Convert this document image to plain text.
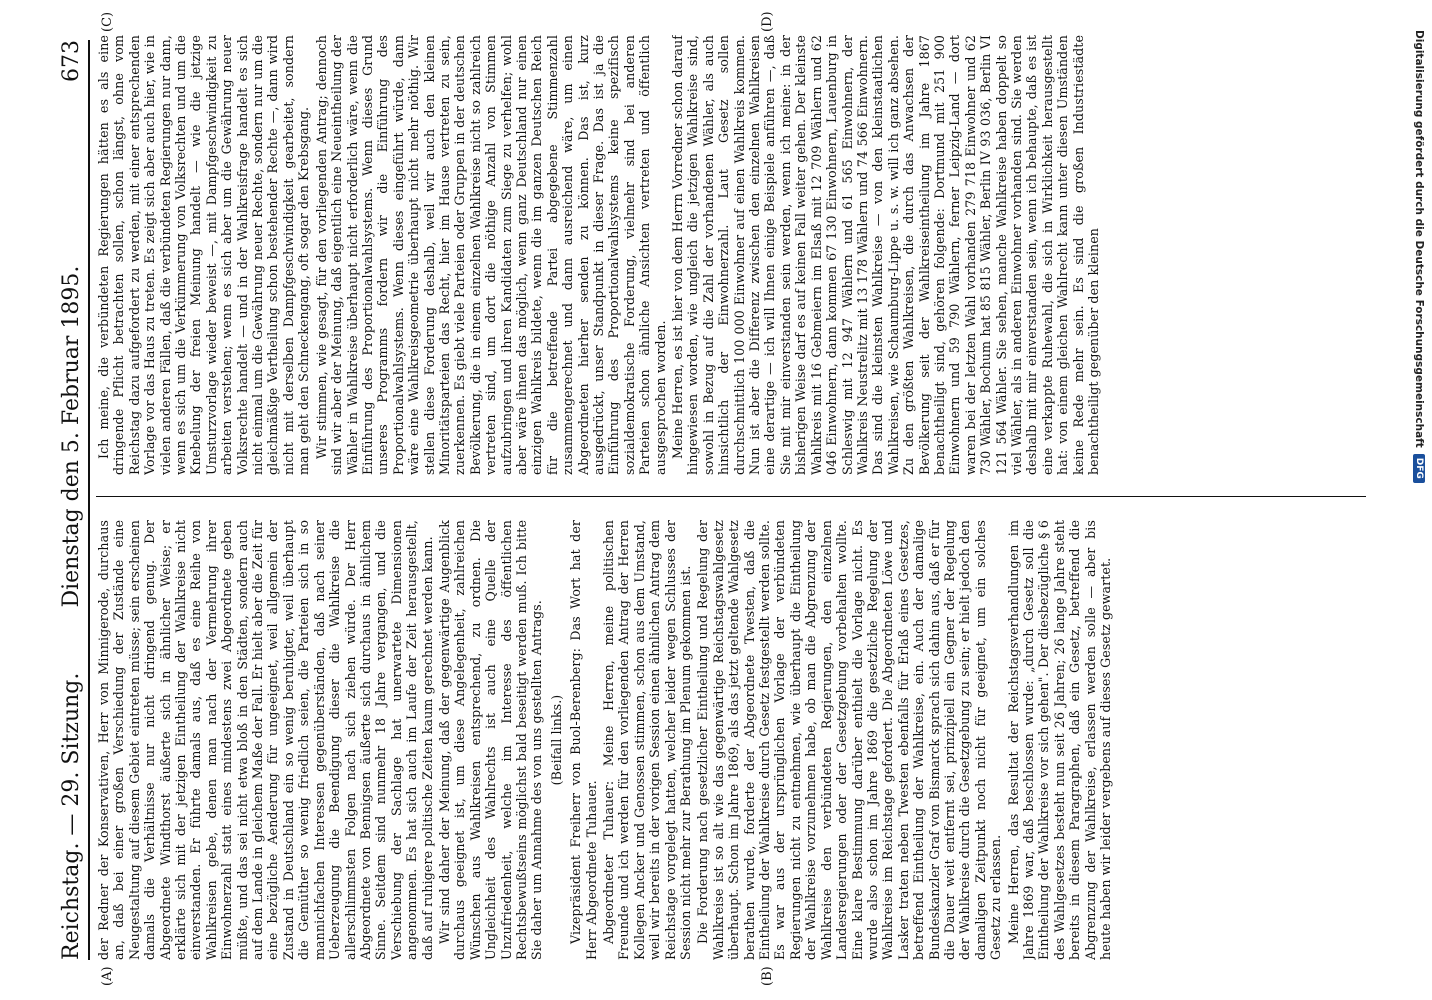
Reichstag. — 29. Sitzung.
Dienstag den 5. Februar 1895.
673
(A)	(B)
(C)	(D)

der Redner der Konservativen, Herr von Minnigerode, durchaus an, daß bei einer großen Verschiedung der Zustände eine Neugestaltung auf diesem Gebiet eintreten müsse; sein erscheinen damals die Verhältnisse nur nicht dringend genug. Der Abgeordnete Windthorst äußerte sich in ähnlicher Weise; er erklärte sich mit der jetzigen Eintheilung der Wahlkreise nicht einverstanden. Er führte damals aus, daß es eine Reihe von Wahlkreisen gebe, denen man nach der Vermehrung ihrer Einwohnerzahl statt eines mindestens zwei Abgeordnete geben müßte, und das sei nicht etwa bloß in den Städten, sondern auch auf dem Lande in gleichem Maße der Fall. Er hielt aber die Zeit für eine bezügliche Aenderung für ungeeignet, weil allgemein der Zustand in Deutschland ein so wenig beruhigter, weil überhaupt die Gemüther so wenig friedlich seien, die Parteien sich in so mannichfachen Interessen gegenüberständen, daß nach seiner Ueberzeugung die Beendigung dieser die Wahlkreise die allerschlimmsten Folgen nach sich ziehen würde. Der Herr Abgeordnete von Bennigsen äußerte sich durchaus in ähnlichem Sinne. Seitdem sind nunmehr 18 Jahre vergangen, und die Verschiebung der Sachlage hat unerwartete Dimensionen angenommen. Es hat sich auch im Laufe der Zeit herausgestellt, daß auf ruhigere politische Zeiten kaum gerechnet werden kann. Wir sind daher der Meinung, daß der gegenwärtige Augenblick durchaus geeignet ist, um diese Angelegenheit, zahlreichen Wünschen aus Wahlkreisen entsprechend, zu ordnen. Die Ungleichheit des Wahlrechts ist auch eine Quelle der Unzufriedenheit, welche im Interesse des öffentlichen Rechtsbewußtseins möglichst bald beseitigt werden muß. Ich bitte Sie daher um Annahme des von uns gestellten Antrags. (Beifall links.) Vizepräsident Freiherr von Buol-Berenberg: Das Wort hat der Herr Abgeordnete Tuhauer. Abgeordneter Tuhauer: Meine Herren, meine politischen Freunde und ich werden für den vorliegenden Antrag der Herren Kollegen Ancker und Genossen stimmen, schon aus dem Umstand, weil wir bereits in der vorigen Session einen ähnlichen Antrag dem Reichstage vorgelegt hatten, welcher leider wegen Schlusses der Session nicht mehr zur Berathung im Plenum gekommen ist. Die Forderung nach gesetzlicher Eintheilung und Regelung der Wahlkreise ist so alt wie das gegenwärtige Reichstagswahlgesetz überhaupt. Schon im Jahre 1869, als das jetzt geltende Wahlgesetz berathen wurde, forderte der Abgeordnete Twesten, daß die Eintheilung der Wahlkreise durch Gesetz festgestellt werden sollte. Es war aus der ursprünglichen Vorlage der verbündeten Regierungen nicht zu entnehmen, wie überhaupt die Eintheilung der Wahlkreise vorzunehmen habe, ob man die Abgrenzung der Wahlkreise den verbündeten Regierungen, den einzelnen Landesregierungen oder der Gesetzgebung vorbehalten wollte. Eine klare Bestimmung darüber enthielt die Vorlage nicht. Es wurde also schon im Jahre 1869 die gesetzliche Regelung der Wahlkreise im Reichstage gefordert. Die Abgeordneten Löwe und Lasker traten neben Twesten ebenfalls für Erlaß eines Gesetzes, betreffend Eintheilung der Wahlkreise, ein. Auch der damalige Bundeskanzler Graf von Bismarck sprach sich dahin aus, daß er für die Dauer weit entfernt sei, prinzipiell ein Gegner der Regelung der Wahlkreise durch die Gesetzgebung zu sein; er hielt jedoch den damaligen Zeitpunkt noch nicht für geeignet, um ein solches Gesetz zu erlassen. Meine Herren, das Resultat der Reichstagsverhandlungen im Jahre 1869 war, daß beschlossen wurde: „durch Gesetz soll die Eintheilung der Wahlkreise vor sich gehen". Der diesbezügliche § 6 des Wahlgesetzes besteht nun seit 26 Jahren; 26 lange Jahre steht bereits in diesem Paragraphen, daß ein Gesetz, betreffend die Abgrenzung der Wahlkreise, erlassen werden solle — aber bis heute haben wir leider vergebens auf dieses Gesetz gewartet.

Ich meine, die verbündeten Regierungen hätten es als eine dringende Pflicht betrachten sollen, schon längst, ohne vom Reichstag dazu aufgefordert zu werden, mit einer entsprechenden Vorlage vor das Haus zu treten. Es zeigt sich aber auch hier, wie in vielen anderen Fällen, daß die verbündeten Regierungen nur dann, wenn es sich um die Verkümmerung von Volksrechten und um die Knebelung der freien Meinung handelt — wie die jetzige Umsturzvorlage wieder beweist —, mit Dampfgeschwindigkeit zu arbeiten verstehen; wenn es sich aber um die Gewährung neuer Volksrechte handelt — und in der Wahlkreisfrage handelt es sich nicht einmal um die Gewährung neuer Rechte, sondern nur um die gleichmäßige Vertheilung schon bestehender Rechte —, dann wird nicht mit derselben Dampfgeschwindigkeit gearbeitet, sondern man geht den Schneckengang, oft sogar den Krebsgang. Wir stimmen, wie gesagt, für den vorliegenden Antrag; dennoch sind wir aber der Meinung, daß eigentlich eine Neueintheilung der Wähler in Wahlkreise überhaupt nicht erforderlich wäre, wenn die Einführung des Proportionalwahlsystems. Wenn dieses Grund unseres Programms fordern wir die Einführung des Proportionalwahlsystems. Wenn dieses eingeführt würde, dann wäre eine Wahlkreisgeometrie überhaupt nicht mehr nöthig. Wir stellen diese Forderung deshalb, weil wir auch den kleinen Minoritätsparteien das Recht, hier im Hause vertreten zu sein, zuerkennen. Es giebt viele Parteien oder Gruppen in der deutschen Bevölkerung, die in einem einzelnen Wahlkreise nicht so zahlreich vertreten sind, um dort die nöthige Anzahl von Stimmen aufzubringen und ihren Kandidaten zum Siege zu verhelfen; wohl aber wäre ihnen das möglich, wenn ganz Deutschland nur einen einzigen Wahlkreis bildete, wenn die im ganzen Deutschen Reich für die betreffende Partei abgegebene Stimmenzahl zusammengerechnet und dann ausreichend wäre, um einen Abgeordneten hierher senden zu können. Das ist, kurz ausgedrückt, unser Standpunkt in dieser Frage. Das ist ja die Einführung des Proportionalwahlsystems keine spezifisch sozialdemokratische Forderung, vielmehr sind bei anderen Parteien schon ähnliche Ansichten vertreten und öffentlich ausgesprochen worden. Meine Herren, es ist hier von dem Herrn Vorredner schon darauf hingewiesen worden, wie ungleich die jetzigen Wahlkreise sind, sowohl in Bezug auf die Zahl der vorhandenen Wähler, als auch hinsichtlich der Einwohnerzahl. Laut Gesetz sollen durchschnittlich 100 000 Einwohner auf einen Wahlkreis kommen. Nun ist aber die Differenz zwischen den einzelnen Wahlkreisen eine derartige — ich will Ihnen einige Beispiele anführen —, daß Sie mit mir einverstanden sein werden, wenn ich meine: in der bisherigen Weise darf es auf keinen Fall weiter gehen. Der kleinste Wahlkreis mit 16 Gebmeiern im Elsaß mit 12 709 Wählern und 62 046 Einwohnern, dann kommen 67 130 Einwohnern, Lauenburg in Schleswig mit 12 947 Wählern und 61 565 Einwohnern, der Wahlkreis Neustrelitz mit 13 178 Wählern und 74 566 Einwohnern. Das sind die kleinsten Wahlkreise — von den kleinstaatlichen Wahlkreisen, wie Schaumburg-Lippe u. s. w. will ich ganz absehen. Zu den größten Wahlkreisen, die durch das Anwachsen der Bevölkerung seit der Wahlkreiseintheilung im Jahre 1867 benachtheiligt sind, gehören folgende: Dortmund mit 251 900 Einwohnern und 59 790 Wählern, ferner Leipzig-Land — dort waren bei der letzten Wahl vorhanden 279 718 Einwohner und 62 730 Wähler, Bochum hat 85 815 Wähler, Berlin IV 93 036, Berlin VI 121 564 Wähler. Sie sehen, manche Wahlkreise haben doppelt so viel Wähler, als in anderen Einwohner vorhanden sind. Sie werden deshalb mit mir einverstanden sein, wenn ich behaupte, daß es ist eine verkappte Ruhewahl, die sich in Wirklichkeit herausgestellt hat: von einem gleichen Wahlrecht kann unter diesen Umständen keine Rede mehr sein. Es sind die großen Industriestädte benachtheiligt gegenüber den kleinen	Digitalisierung gefördert durch die Deutsche Forschungsgemeinschaft
DFG
